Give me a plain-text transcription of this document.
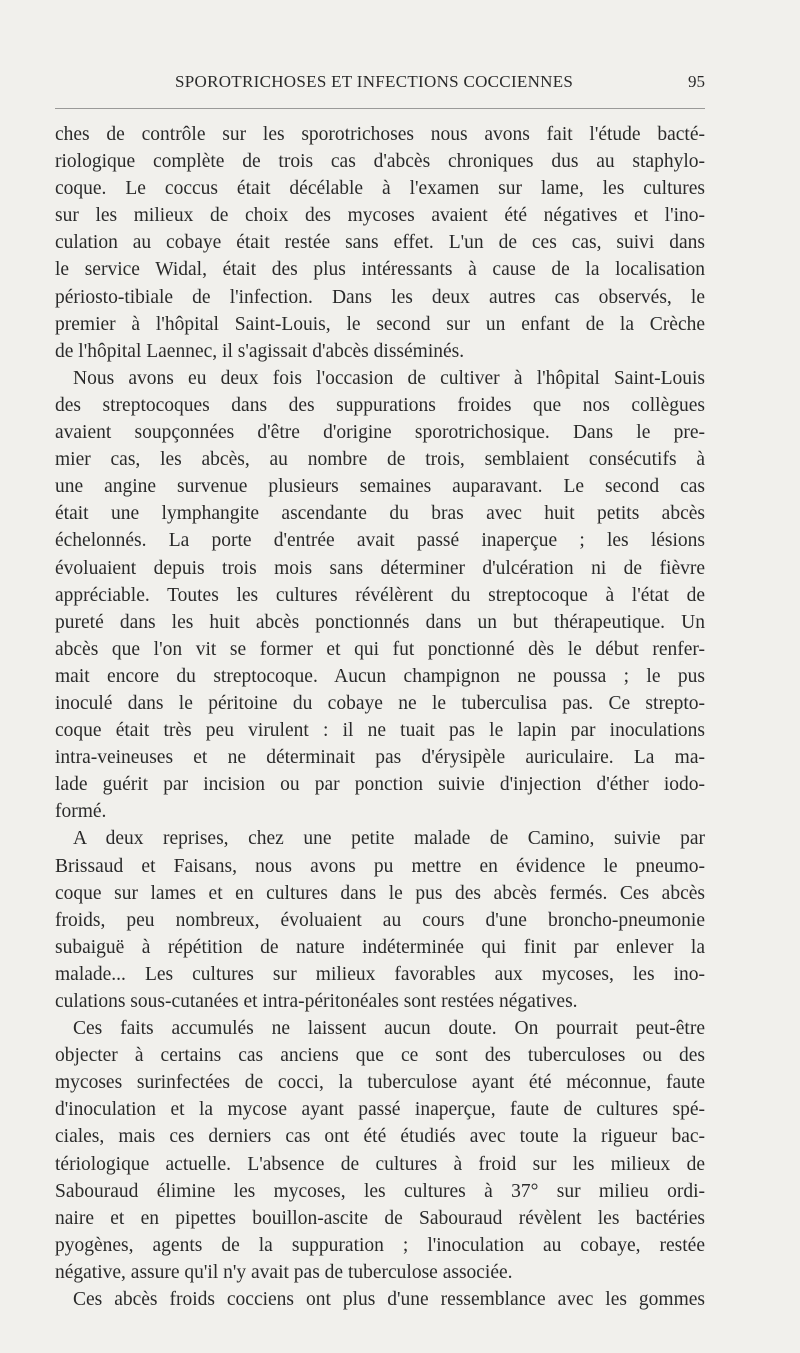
SPOROTRICHOSES ET INFECTIONS COCCIENNES	95
ches de contrôle sur les sporotrichoses nous avons fait l'étude bacté-
riologique complète de trois cas d'abcès chroniques dus au staphylo-
coque. Le coccus était décélable à l'examen sur lame, les cultures
sur les milieux de choix des mycoses avaient été négatives et l'ino-
culation au cobaye était restée sans effet. L'un de ces cas, suivi dans
le service Widal, était des plus intéressants à cause de la localisation
périosto-tibiale de l'infection. Dans les deux autres cas observés, le
premier à l'hôpital Saint-Louis, le second sur un enfant de la Crèche
de l'hôpital Laennec, il s'agissait d'abcès disséminés.
Nous avons eu deux fois l'occasion de cultiver à l'hôpital Saint-Louis
des streptocoques dans des suppurations froides que nos collègues
avaient soupçonnées d'être d'origine sporotrichosique. Dans le pre-
mier cas, les abcès, au nombre de trois, semblaient consécutifs à
une angine survenue plusieurs semaines auparavant. Le second cas
était une lymphangite ascendante du bras avec huit petits abcès
échelonnés. La porte d'entrée avait passé inaperçue ; les lésions
évoluaient depuis trois mois sans déterminer d'ulcération ni de fièvre
appréciable. Toutes les cultures révélèrent du streptocoque à l'état de
pureté dans les huit abcès ponctionnés dans un but thérapeutique. Un
abcès que l'on vit se former et qui fut ponctionné dès le début renfer-
mait encore du streptocoque. Aucun champignon ne poussa ; le pus
inoculé dans le péritoine du cobaye ne le tuberculisa pas. Ce strepto-
coque était très peu virulent : il ne tuait pas le lapin par inoculations
intra-veineuses et ne déterminait pas d'érysipèle auriculaire. La ma-
lade guérit par incision ou par ponction suivie d'injection d'éther iodo-
formé.
A deux reprises, chez une petite malade de Camino, suivie par
Brissaud et Faisans, nous avons pu mettre en évidence le pneumo-
coque sur lames et en cultures dans le pus des abcès fermés. Ces abcès
froids, peu nombreux, évoluaient au cours d'une broncho-pneumonie
subaiguë à répétition de nature indéterminée qui finit par enlever la
malade... Les cultures sur milieux favorables aux mycoses, les ino-
culations sous-cutanées et intra-péritonéales sont restées négatives.
Ces faits accumulés ne laissent aucun doute. On pourrait peut-être
objecter à certains cas anciens que ce sont des tuberculoses ou des
mycoses surinfectées de cocci, la tuberculose ayant été méconnue, faute
d'inoculation et la mycose ayant passé inaperçue, faute de cultures spé-
ciales, mais ces derniers cas ont été étudiés avec toute la rigueur bac-
tériologique actuelle. L'absence de cultures à froid sur les milieux de
Sabouraud élimine les mycoses, les cultures à 37° sur milieu ordi-
naire et en pipettes bouillon-ascite de Sabouraud révèlent les bactéries
pyogènes, agents de la suppuration ; l'inoculation au cobaye, restée
négative, assure qu'il n'y avait pas de tuberculose associée.
Ces abcès froids cocciens ont plus d'une ressemblance avec les gommes
